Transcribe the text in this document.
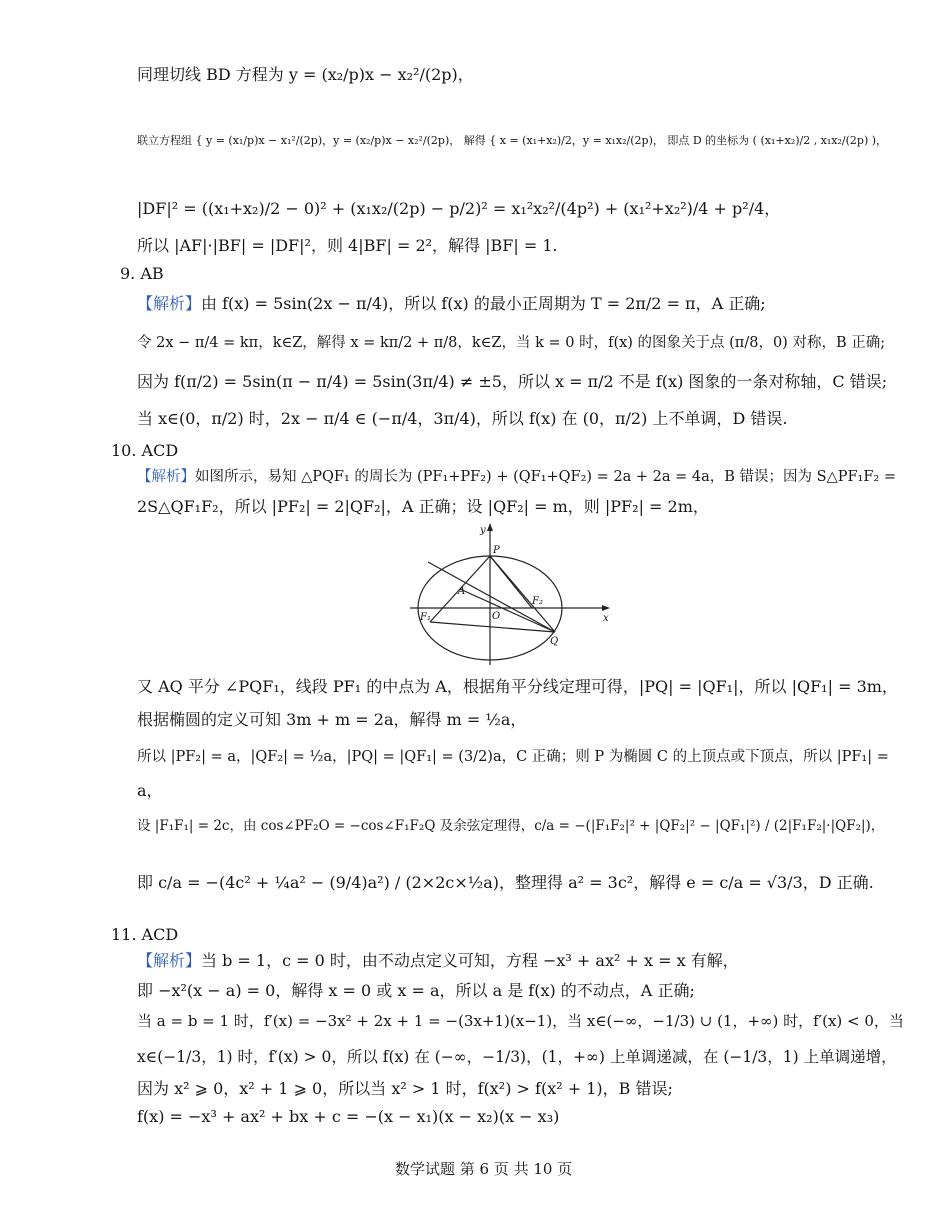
同理切线 BD 方程为 y = (x₂/p)x − x₂²/(2p)，
联立方程组 { y = (x₁/p)x − x₁²/(2p)，y = (x₂/p)x − x₂²/(2p)， 解得 { x = (x₁+x₂)/2，y = x₁x₂/(2p)， 即点 D 的坐标为 ( (x₁+x₂)/2 , x₁x₂/(2p) )，
|DF|² = ((x₁+x₂)/2 − 0)² + (x₁x₂/(2p) − p/2)² = x₁²x₂²/(4p²) + (x₁²+x₂²)/4 + p²/4，
所以 |AF|·|BF| = |DF|²，则 4|BF| = 2²，解得 |BF| = 1.
9. AB
【解析】由 f(x) = 5sin(2x − π/4)，所以 f(x) 的最小正周期为 T = 2π/2 = π，A 正确;
令 2x − π/4 = kπ，k∈Z，解得 x = kπ/2 + π/8，k∈Z，当 k = 0 时，f(x) 的图象关于点 (π/8，0) 对称，B 正确;
因为 f(π/2) = 5sin(π − π/4) = 5sin(3π/4) ≠ ±5，所以 x = π/2 不是 f(x) 图象的一条对称轴，C 错误;
当 x∈(0，π/2) 时，2x − π/4 ∈ (−π/4，3π/4)，所以 f(x) 在 (0，π/2) 上不单调，D 错误.
10. ACD
【解析】如图所示，易知 △PQF₁ 的周长为 (PF₁+PF₂) + (QF₁+QF₂) = 2a + 2a = 4a，B 错误；因为 S△PF₁F₂ =
2S△QF₁F₂，所以 |PF₂| = 2|QF₂|，A 正确；设 |QF₂| = m，则 |PF₂| = 2m，
y
x
P
A
F₂
O
F₁
Q
又 AQ 平分 ∠PQF₁，线段 PF₁ 的中点为 A，根据角平分线定理可得，|PQ| = |QF₁|，所以 |QF₁| = 3m，
根据椭圆的定义可知 3m + m = 2a，解得 m = ½a，
所以 |PF₂| = a，|QF₂| = ½a，|PQ| = |QF₁| = (3/2)a，C 正确；则 P 为椭圆 C 的上顶点或下顶点，所以 |PF₁| =
a，
设 |F₁F₁| = 2c，由 cos∠PF₂O = −cos∠F₁F₂Q 及余弦定理得，c/a = −(|F₁F₂|² + |QF₂|² − |QF₁|²) / (2|F₁F₂|·|QF₂|)，
即 c/a = −(4c² + ¼a² − (9/4)a²) / (2×2c×½a)，整理得 a² = 3c²，解得 e = c/a = √3/3，D 正确.
11. ACD
【解析】当 b = 1，c = 0 时，由不动点定义可知，方程 −x³ + ax² + x = x 有解，
即 −x²(x − a) = 0，解得 x = 0 或 x = a，所以 a 是 f(x) 的不动点，A 正确;
当 a = b = 1 时，f′(x) = −3x² + 2x + 1 = −(3x+1)(x−1)，当 x∈(−∞，−1/3) ∪ (1，+∞) 时，f′(x) < 0，当
x∈(−1/3，1) 时，f′(x) > 0，所以 f(x) 在 (−∞，−1/3)，(1，+∞) 上单调递减，在 (−1/3，1) 上单调递增，
因为 x² ⩾ 0，x² + 1 ⩾ 0，所以当 x² > 1 时，f(x²) > f(x² + 1)，B 错误;
f(x) = −x³ + ax² + bx + c = −(x − x₁)(x − x₂)(x − x₃)
数学试题 第 6 页 共 10 页
